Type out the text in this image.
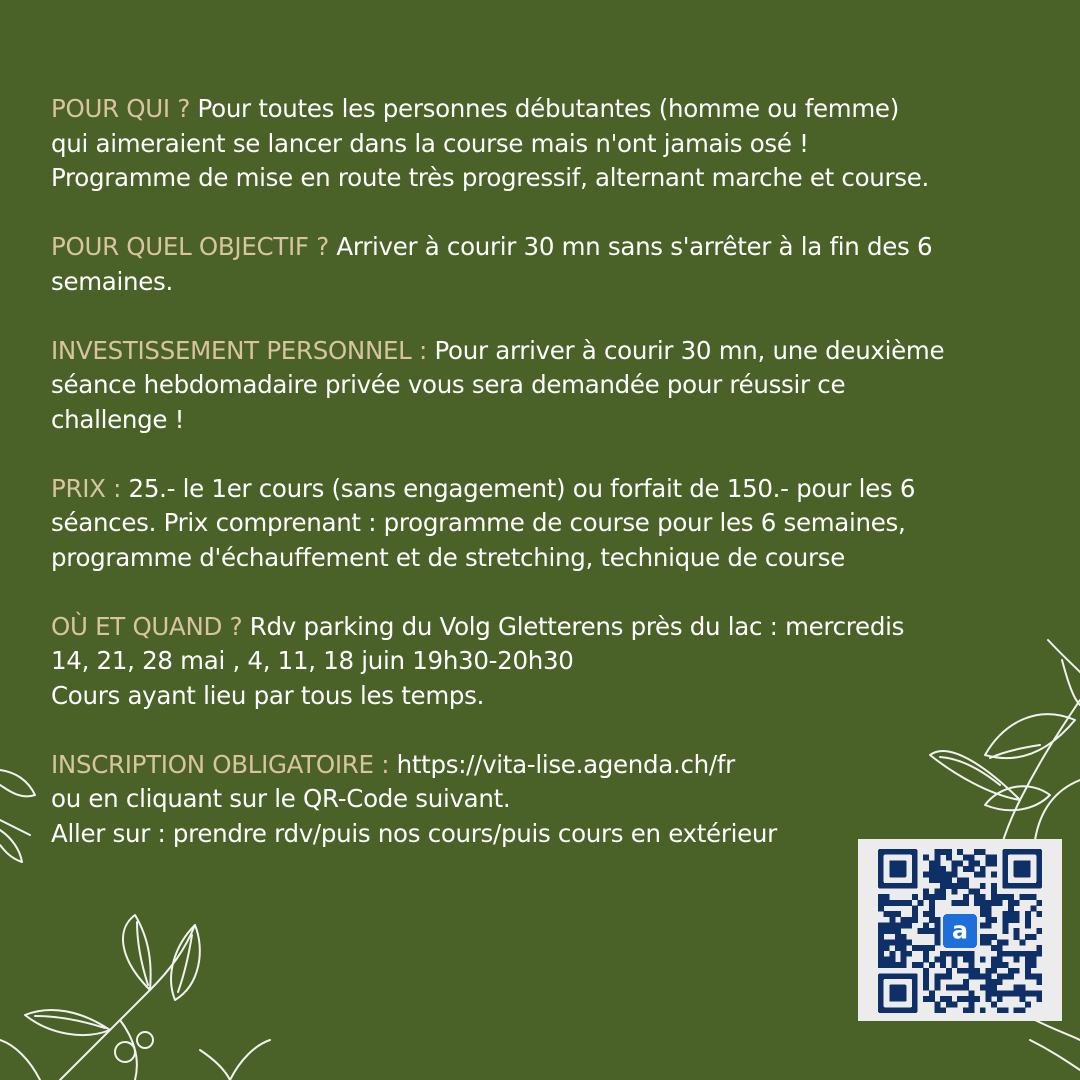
POUR QUI ? Pour toutes les personnes débutantes (homme ou femme)
qui aimeraient se lancer dans la course mais n'ont jamais osé !
Programme de mise en route très progressif, alternant marche et course.
POUR QUEL OBJECTIF ? Arriver à courir 30 mn sans s'arrêter à la fin des 6
semaines.
INVESTISSEMENT PERSONNEL : Pour arriver à courir 30 mn, une deuxième
séance hebdomadaire privée vous sera demandée pour réussir ce
challenge !
PRIX : 25.- le 1er cours (sans engagement) ou forfait de 150.- pour les 6
séances. Prix comprenant : programme de course pour les 6 semaines,
programme d'échauffement et de stretching, technique de course
OÙ ET QUAND ? Rdv parking du Volg Gletterens près du lac : mercredis
14, 21, 28 mai , 4, 11, 18 juin 19h30-20h30
Cours ayant lieu par tous les temps.
INSCRIPTION OBLIGATOIRE : https://vita-lise.agenda.ch/fr
ou en cliquant sur le QR-Code suivant.
Aller sur : prendre rdv/puis nos cours/puis cours en extérieur
a
